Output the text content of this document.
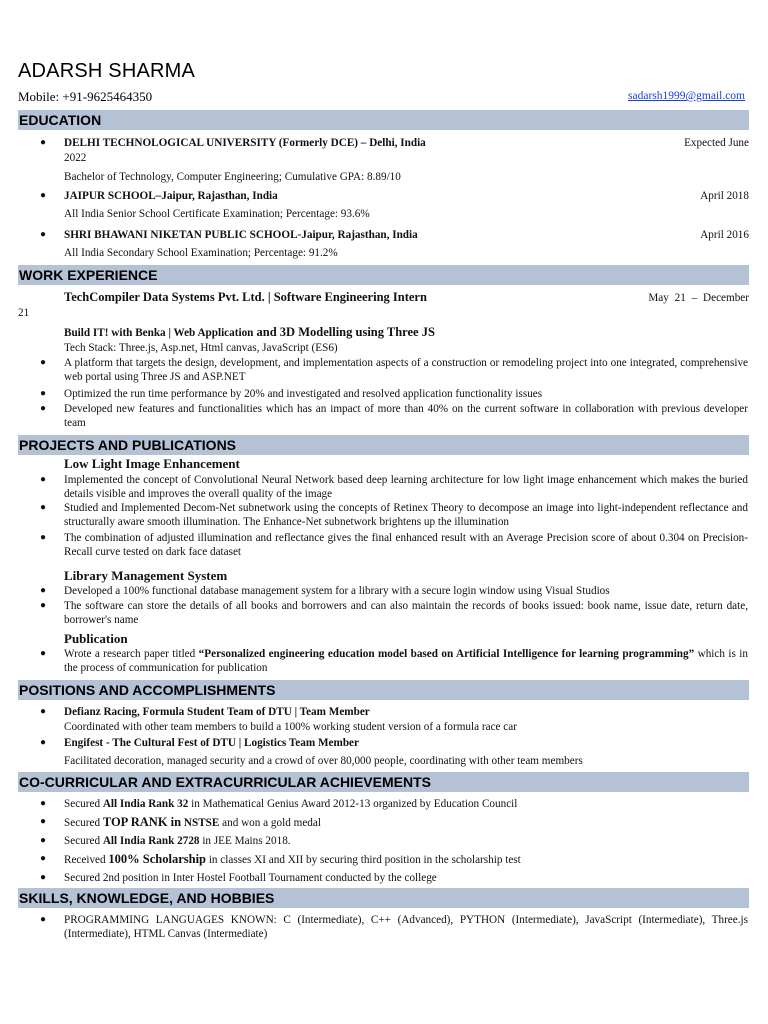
ADARSH SHARMA
Mobile: +91-9625464350	sadarsh1999@gmail.com
EDUCATION
● DELHI TECHNOLOGICAL UNIVERSITY (Formerly DCE) – Delhi, India	Expected June
2022
Bachelor of Technology, Computer Engineering; Cumulative GPA: 8.89/10
● JAIPUR SCHOOL–Jaipur, Rajasthan, India	April 2018
All India Senior School Certificate Examination; Percentage: 93.6%
● SHRI BHAWANI NIKETAN PUBLIC SCHOOL-Jaipur, Rajasthan, India	April 2016
All India Secondary School Examination; Percentage: 91.2%
WORK EXPERIENCE
TechCompiler Data Systems Pvt. Ltd. | Software Engineering Intern	May 21 – December
21
Build IT! with Benka | Web Application and 3D Modelling using Three JS
Tech Stack: Three.js, Asp.net, Html canvas, JavaScript (ES6)
● A platform that targets the design, development, and implementation aspects of a construction or remodeling project into one integrated, comprehensive web portal using Three JS and ASP.NET
● Optimized the run time performance by 20% and investigated and resolved application functionality issues
● Developed new features and functionalities which has an impact of more than 40% on the current software in collaboration with previous developer team
PROJECTS AND PUBLICATIONS
Low Light Image Enhancement
● Implemented the concept of Convolutional Neural Network based deep learning architecture for low light image enhancement which makes the buried details visible and improves the overall quality of the image
● Studied and Implemented Decom-Net subnetwork using the concepts of Retinex Theory to decompose an image into light-independent reflectance and structurally aware smooth illumination. The Enhance-Net subnetwork brightens up the illumination
● The combination of adjusted illumination and reflectance gives the final enhanced result with an Average Precision score of about 0.304 on Precision-Recall curve tested on dark face dataset
Library Management System
● Developed a 100% functional database management system for a library with a secure login window using Visual Studios
● The software can store the details of all books and borrowers and can also maintain the records of books issued: book name, issue date, return date, borrower's name
Publication
● Wrote a research paper titled “Personalized engineering education model based on Artificial Intelligence for learning programming” which is in the process of communication for publication
POSITIONS AND ACCOMPLISHMENTS
● Defianz Racing, Formula Student Team of DTU | Team Member
Coordinated with other team members to build a 100% working student version of a formula race car
● Engifest - The Cultural Fest of DTU | Logistics Team Member
Facilitated decoration, managed security and a crowd of over 80,000 people, coordinating with other team members
CO-CURRICULAR AND EXTRACURRICULAR ACHIEVEMENTS
● Secured All India Rank 32 in Mathematical Genius Award 2012-13 organized by Education Council
● Secured TOP RANK in NSTSE and won a gold medal
● Secured All India Rank 2728 in JEE Mains 2018.
● Received 100% Scholarship in classes XI and XII by securing third position in the scholarship test
● Secured 2nd position in Inter Hostel Football Tournament conducted by the college
SKILLS, KNOWLEDGE, AND HOBBIES
● PROGRAMMING LANGUAGES KNOWN: C (Intermediate), C++ (Advanced), PYTHON (Intermediate), JavaScript (Intermediate), Three.js (Intermediate), HTML Canvas (Intermediate)
